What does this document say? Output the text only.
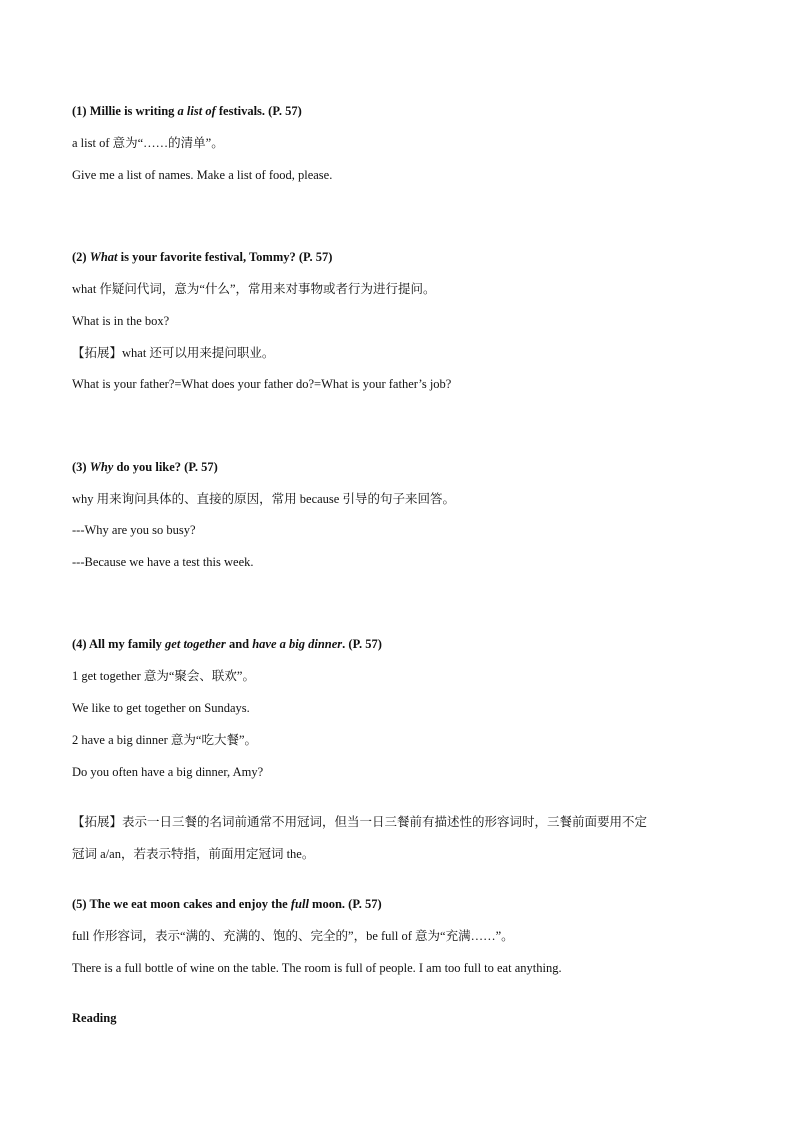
(1) Millie is writing a list of festivals. (P. 57)
a list of 意为“……的清单”。
Give me a list of names. Make a list of food, please.
(2) What is your favorite festival, Tommy? (P. 57)
what 作疑问代词，意为“什么”，常用来对事物或者行为进行提问。
What is in the box?
【拓展】what 还可以用来提问职业。
What is your father?=What does your father do?=What is your father’s job?
(3) Why do you like? (P. 57)
why 用来询问具体的、直接的原因，常用 because 引导的句子来回答。
---Why are you so busy?
---Because we have a test this week.
(4) All my family get together and have a big dinner. (P. 57)
1 get together 意为“聚会、联欢”。
We like to get together on Sundays.
2 have a big dinner 意为“吃大餐”。
Do you often have a big dinner, Amy?
【拓展】表示一日三餐的名词前通常不用冠词，但当一日三餐前有描述性的形容词时，三餐前面要用不定
冠词 a/an，若表示特指，前面用定冠词 the。
(5) The we eat moon cakes and enjoy the full moon. (P. 57)
full 作形容词，表示“满的、充满的、饱的、完全的”，be full of 意为“充满……”。
There is a full bottle of wine on the table. The room is full of people. I am too full to eat anything.
Reading
